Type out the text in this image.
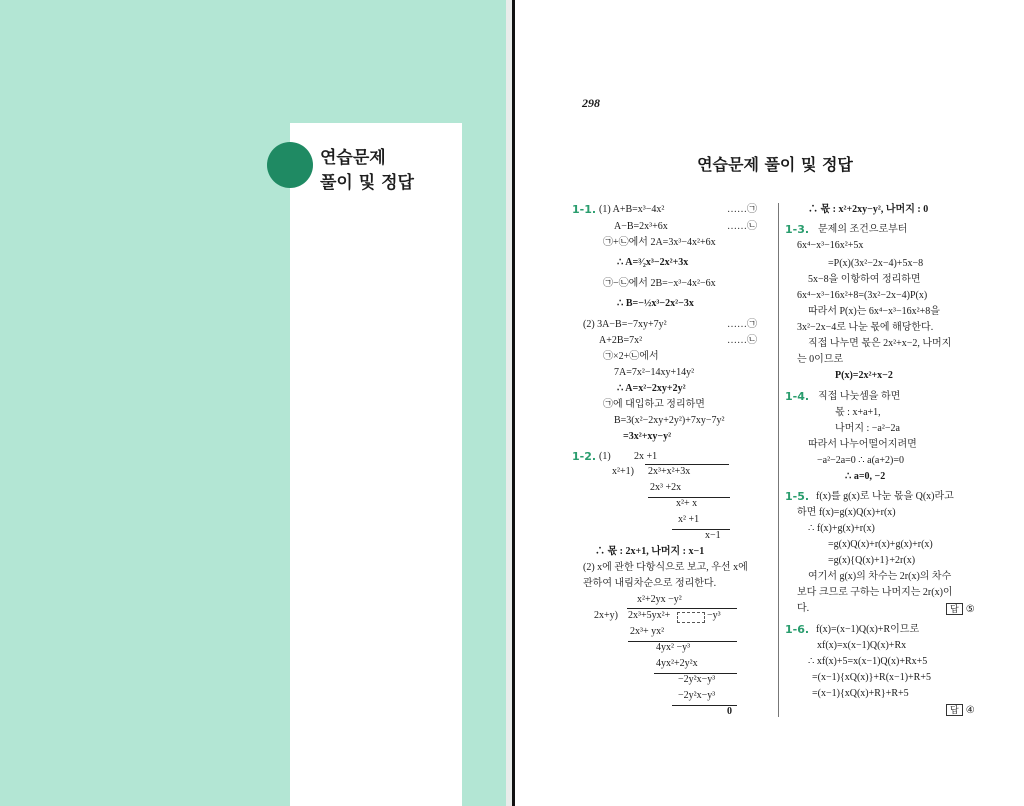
연습문제
풀이 및 정답
298
연습문제 풀이 및 정답
1-1.
1-2.
1-3.
1-4.
1-5.
1-6.
……㉠
……㉡
……㉠
……㉡
답 ⑤
답 ④
(1) A+B=x³−4x²
A−B=2x³+6x
㉠+㉡에서 2A=3x³−4x²+6x
∴ A=³⁄₂x³−2x²+3x
㉠−㉡에서 2B=−x³−4x²−6x
∴ B=−½x³−2x²−3x
(2) 3A−B=−7xy+7y²
A+2B=7x²
㉠×2+㉡에서
7A=7x²−14xy+14y²
∴ A=x²−2xy+2y²
㉠에 대입하고 정리하면
B=3(x²−2xy+2y²)+7xy−7y²
=3x²+xy−y²
(1) 2x +1
x²+1) 2x³+x²+3x
2x³ +2x
x²+ x
x² +1
x−1
∴ 몫 : 2x+1, 나머지 : x−1
(2) x에 관한 다항식으로 보고, 우선 x에
관하여 내림차순으로 정리한다.
x²+2yx −y²
2x+y) 2x³+5yx²+	−y³
2x³+ yx²
4yx² −y³
4yx²+2y²x
−2y²x−y³
−2y²x−y³
0
∴ 몫 : x²+2xy−y², 나머지 : 0
문제의 조건으로부터
6x⁴−x³−16x²+5x
=P(x)(3x²−2x−4)+5x−8
5x−8을 이항하여 정리하면
6x⁴−x³−16x²+8=(3x²−2x−4)P(x)
따라서 P(x)는 6x⁴−x³−16x²+8을
3x²−2x−4로 나눈 몫에 해당한다.
직접 나누면 몫은 2x²+x−2, 나머지
는 0이므로
P(x)=2x²+x−2
직접 나눗셈을 하면
몫 : x+a+1,
나머지 : −a²−2a
따라서 나누어떨어지려면
−a²−2a=0 ∴ a(a+2)=0
∴ a=0, −2
f(x)를 g(x)로 나눈 몫을 Q(x)라고
하면 f(x)=g(x)Q(x)+r(x)
∴ f(x)+g(x)+r(x)
=g(x)Q(x)+r(x)+g(x)+r(x)
=g(x){Q(x)+1}+2r(x)
여기서 g(x)의 차수는 2r(x)의 차수
보다 크므로 구하는 나머지는 2r(x)이
다.
f(x)=(x−1)Q(x)+R이므로
xf(x)=x(x−1)Q(x)+Rx
∴ xf(x)+5=x(x−1)Q(x)+Rx+5
=(x−1){xQ(x)}+R(x−1)+R+5
=(x−1){xQ(x)+R}+R+5
